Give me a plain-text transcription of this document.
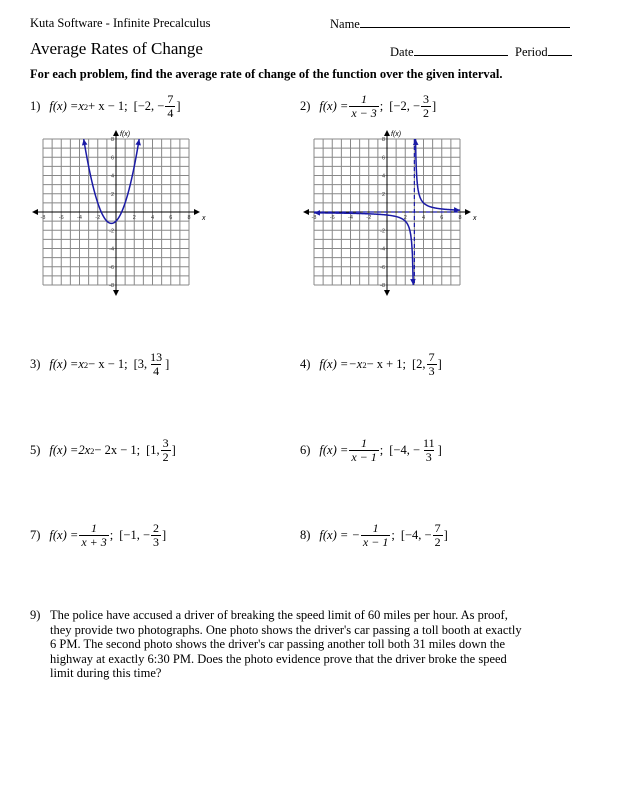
Kuta Software - Infinite Precalculus	Name
Average Rates of Change	Date	Period
For each problem, find the average rate of change of the function over the given interval.
1) f(x) = x 2 + x − 1; [−2, − $\frac{7}{4}$ ]	2) $f(x) = \frac{1}{x - 3}$ ; [−2, − $\frac{3}{2}$ ]
x
f(x)
-8 -6 -4 -2	2	4	6	8
8
6
4
2
-2
-4
-6
-8
x
f(x)
-8 -6 -4 -2	2	4	6	8
8
6
4
2
-2
-4
-6
-8
3) f(x) = x 2 − x − 1; [3, $\frac{13}{4}$ ]	4) f(x) = −x 2 − x + 1; [2, $\frac{7}{3}$ ]
5) f(x) = 2x 2 − 2x − 1; [1, $\frac{3}{2}$ ]	6) $f(x) = \frac{1}{x - 1}$ ; [−4, − $\frac{11}{3}$ ]
7) $f(x) = \frac{1}{x + 3}$ ; [−1, − $\frac{2}{3}$ ]	8) f(x) = − $\frac{1}{x - 1}$ ; [−4, − $\frac{7}{2}$ ]
9) The police have accused a driver of breaking the speed limit of 60 miles per hour. As proof, they provide two photographs. One photo shows the driver's car passing a toll booth at exactly 6 PM. The second photo shows the driver's car passing another toll both 31 miles down the highway at exactly 6:30 PM. Does the photo evidence prove that the driver broke the speed limit during this time?
